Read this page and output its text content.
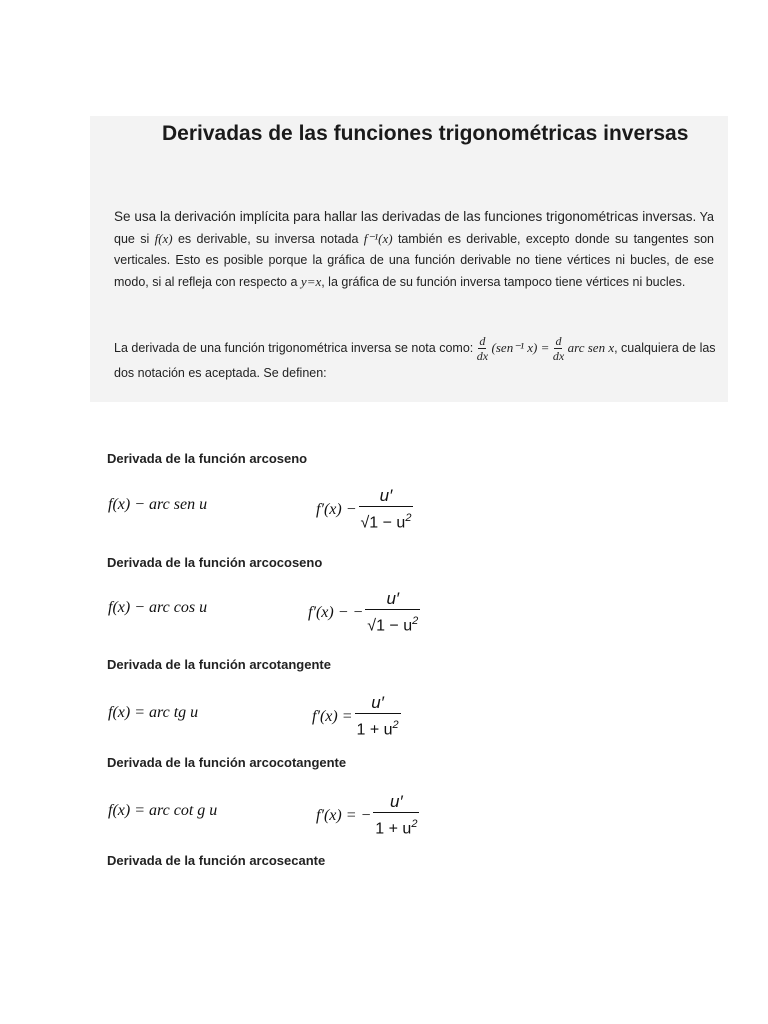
Derivadas de las funciones trigonométricas inversas
Se usa la derivación implícita para hallar las derivadas de las funciones trigonométricas inversas. Ya que si f(x) es derivable, su inversa notada f⁻¹(x) también es derivable, excepto donde su tangentes son verticales. Esto es posible porque la gráfica de una función derivable no tiene vértices ni bucles, de ese modo, si al refleja con respecto a y=x, la gráfica de su función inversa tampoco tiene vértices ni bucles.
La derivada de una función trigonométrica inversa se nota como: $\frac{d}{dx} (sen^{-1}$ $x) = \frac{d}{dx}$ arc sen x, cualquiera de las dos notación es aceptada. Se definen:
Derivada de la función arcoseno
f(x) − arc sen u	$f'(x) - \frac{u'}{√1 - u^2}$
Derivada de la función arcocoseno
f(x) − arc cos u	f′(x) − − $\frac{u'}{√1 - u^2}$
Derivada de la función arcotangente
f(x) = arc tg u	$f'(x) = \frac{u'}{1 + u^2}$
Derivada de la función arcocotangente
f(x) = arc cot g u	f′(x) = − $\frac{u'}{1 + u^2}$
Derivada de la función arcosecante
